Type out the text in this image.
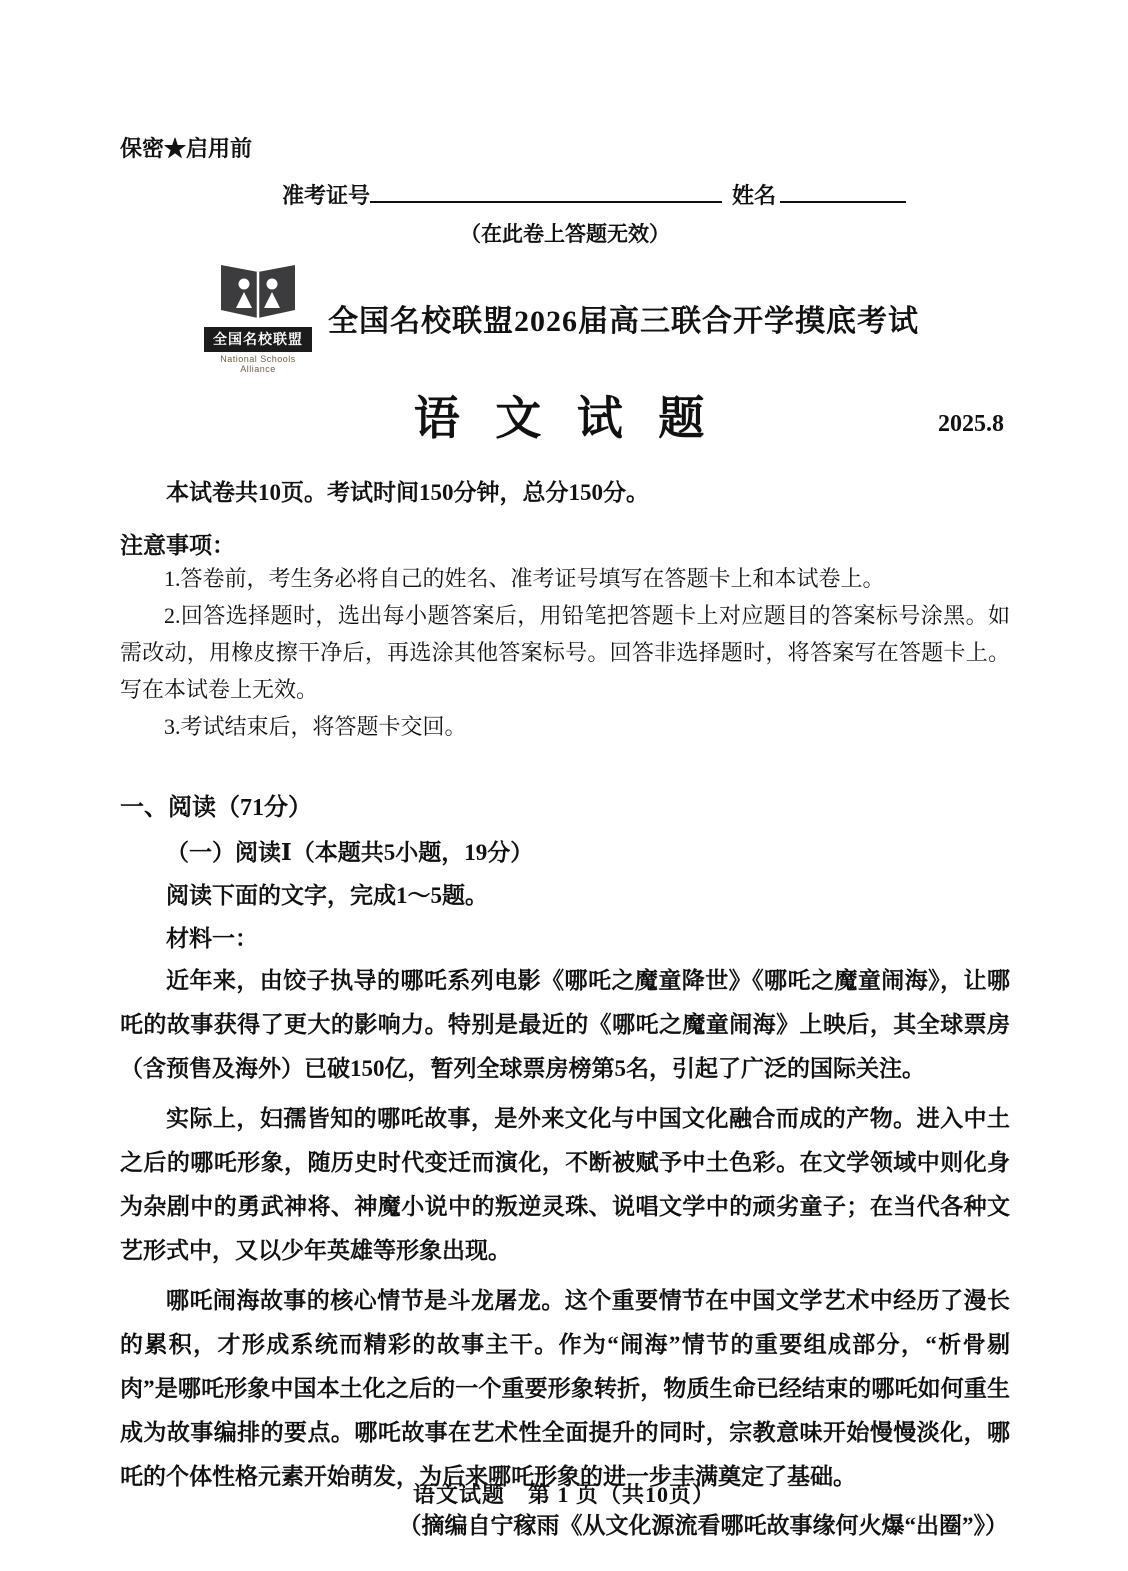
保密★启用前
准考证号	姓名
（在此卷上答题无效）
全国名校联盟
National Schools Alliance
全国名校联盟2026届高三联合开学摸底考试
语 文 试 题	2025.8
本试卷共10页。考试时间150分钟，总分150分。
注意事项：
1.答卷前，考生务必将自己的姓名、准考证号填写在答题卡上和本试卷上。
2.回答选择题时，选出每小题答案后，用铅笔把答题卡上对应题目的答案标号涂黑。如需改动，用橡皮擦干净后，再选涂其他答案标号。回答非选择题时，将答案写在答题卡上。写在本试卷上无效。
3.考试结束后，将答题卡交回。
一、阅读（71分）
（一）阅读Ⅰ（本题共5小题，19分）
阅读下面的文字，完成1～5题。
材料一：
近年来，由饺子执导的哪吒系列电影《哪吒之魔童降世》《哪吒之魔童闹海》，让哪吒的故事获得了更大的影响力。特别是最近的《哪吒之魔童闹海》上映后，其全球票房（含预售及海外）已破150亿，暂列全球票房榜第5名，引起了广泛的国际关注。
实际上，妇孺皆知的哪吒故事，是外来文化与中国文化融合而成的产物。进入中土之后的哪吒形象，随历史时代变迁而演化，不断被赋予中土色彩。在文学领域中则化身为杂剧中的勇武神将、神魔小说中的叛逆灵珠、说唱文学中的顽劣童子；在当代各种文艺形式中，又以少年英雄等形象出现。
哪吒闹海故事的核心情节是斗龙屠龙。这个重要情节在中国文学艺术中经历了漫长的累积，才形成系统而精彩的故事主干。作为“闹海”情节的重要组成部分，“析骨剔肉”是哪吒形象中国本土化之后的一个重要形象转折，物质生命已经结束的哪吒如何重生成为故事编排的要点。哪吒故事在艺术性全面提升的同时，宗教意味开始慢慢淡化，哪吒的个体性格元素开始萌发，为后来哪吒形象的进一步丰满奠定了基础。
（摘编自宁稼雨《从文化源流看哪吒故事缘何火爆“出圈”》）
语文试题　第 1 页（共10页）
